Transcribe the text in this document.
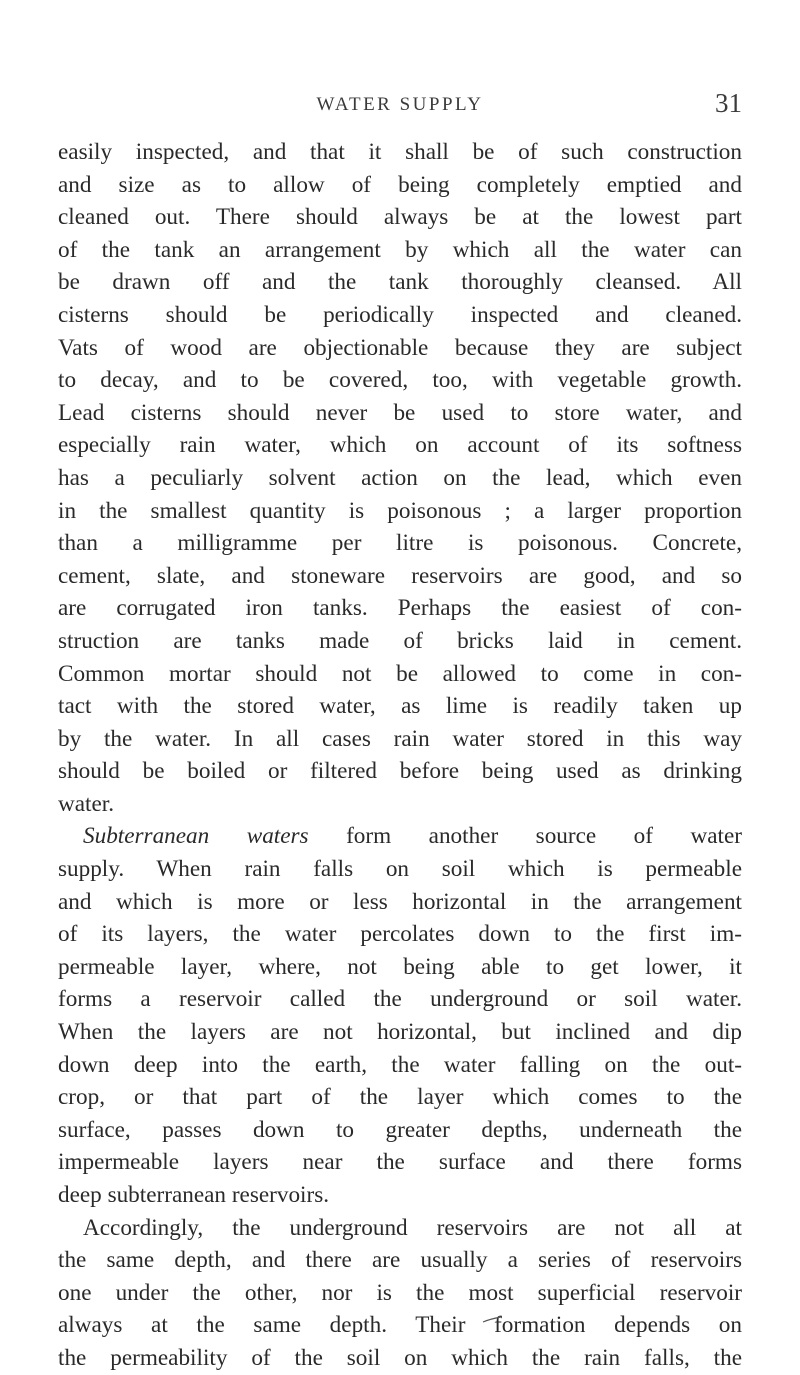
WATER SUPPLY	31
easily inspected, and that it shall be of such construction
and size as to allow of being completely emptied and
cleaned out. There should always be at the lowest part
of the tank an arrangement by which all the water can
be drawn off and the tank thoroughly cleansed. All
cisterns should be periodically inspected and cleaned.
Vats of wood are objectionable because they are subject
to decay, and to be covered, too, with vegetable growth.
Lead cisterns should never be used to store water, and
especially rain water, which on account of its softness
has a peculiarly solvent action on the lead, which even
in the smallest quantity is poisonous ; a larger proportion
than a milligramme per litre is poisonous. Concrete,
cement, slate, and stoneware reservoirs are good, and so
are corrugated iron tanks. Perhaps the easiest of con-
struction are tanks made of bricks laid in cement.
Common mortar should not be allowed to come in con-
tact with the stored water, as lime is readily taken up
by the water. In all cases rain water stored in this way
should be boiled or filtered before being used as drinking
water.
Subterranean waters form another source of water
supply. When rain falls on soil which is permeable
and which is more or less horizontal in the arrangement
of its layers, the water percolates down to the first im-
permeable layer, where, not being able to get lower, it
forms a reservoir called the underground or soil water.
When the layers are not horizontal, but inclined and dip
down deep into the earth, the water falling on the out-
crop, or that part of the layer which comes to the
surface, passes down to greater depths, underneath the
impermeable layers near the surface and there forms
deep subterranean reservoirs.
Accordingly, the underground reservoirs are not all at
the same depth, and there are usually a series of reservoirs
one under the other, nor is the most superficial reservoir
always at the same depth. Their formation depends on
the permeability of the soil on which the rain falls, the
